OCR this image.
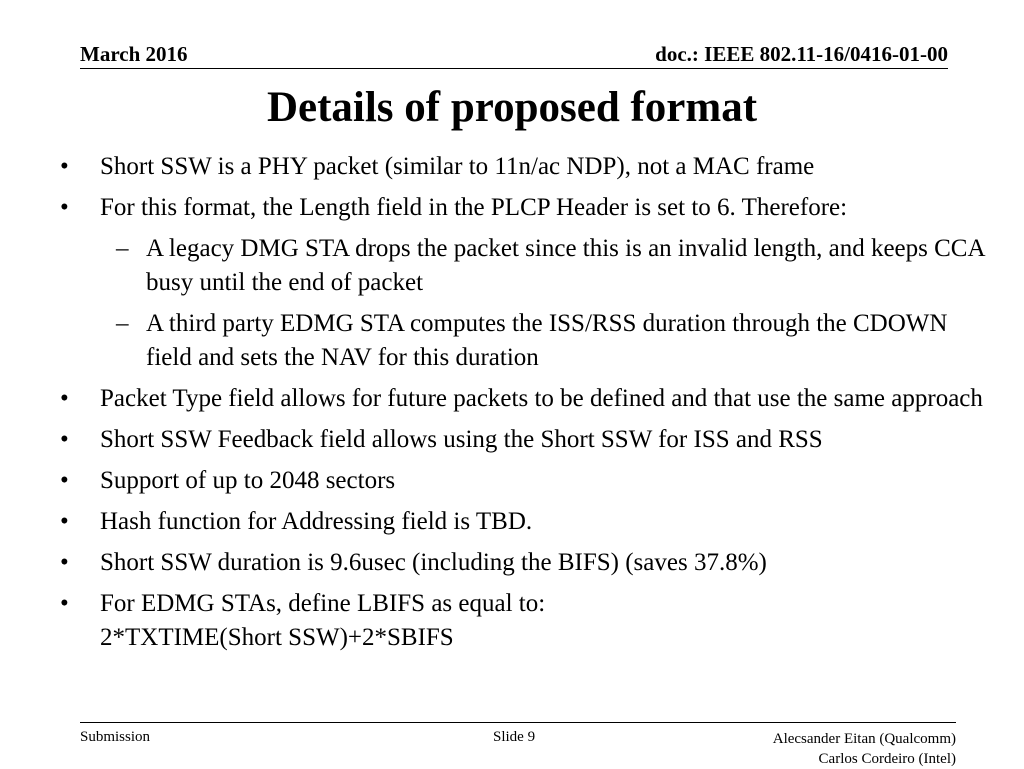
March 2016	doc.: IEEE 802.11-16/0416-01-00
Details of proposed format
• Short SSW is a PHY packet (similar to 11n/ac NDP), not a MAC frame
• For this format, the Length field in the PLCP Header is set to 6. Therefore:
– A legacy DMG STA drops the packet since this is an invalid length, and keeps CCA busy until the end of packet
– A third party EDMG STA computes the ISS/RSS duration through the CDOWN field and sets the NAV for this duration
• Packet Type field allows for future packets to be defined and that use the same approach
• Short SSW Feedback field allows using the Short SSW for ISS and RSS
• Support of up to 2048 sectors
• Hash function for Addressing field is TBD.
• Short SSW duration is 9.6usec (including the BIFS) (saves 37.8%)
• For EDMG STAs, define LBIFS as equal to:
2*TXTIME(Short SSW)+2*SBIFS
Submission	Slide 9	Alecsander Eitan (Qualcomm)
Carlos Cordeiro (Intel)
